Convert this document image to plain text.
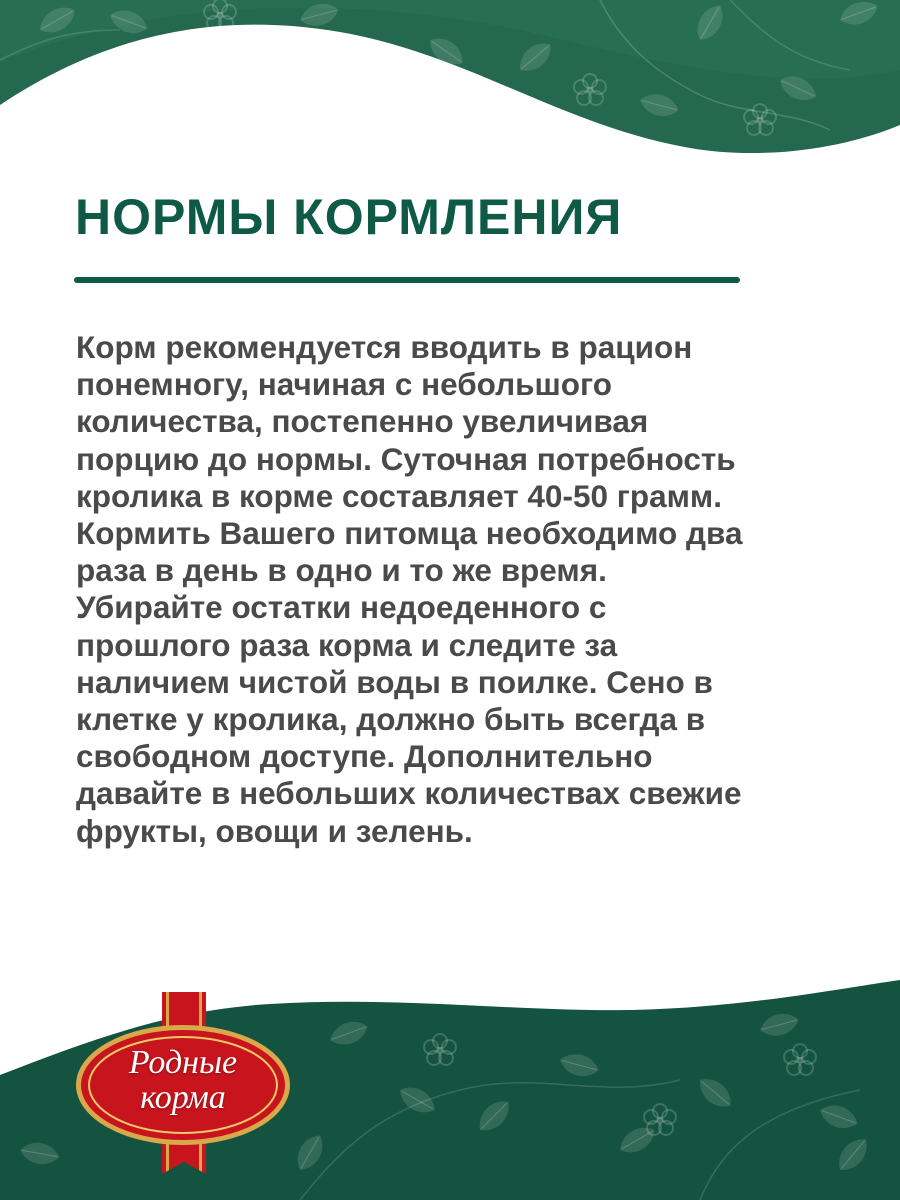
НОРМЫ КОРМЛЕНИЯ

Корм рекомендуется вводить в рацион понемногу, начиная с небольшого количества, постепенно увеличивая порцию до нормы. Суточная потребность кролика в корме составляет 40-50 грамм. Кормить Вашего питомца необходимо два раза в день в одно и то же время. Убирайте остатки недоеденного с прошлого раза корма и следите за наличием чистой воды в поилке. Сено в клетке у кролика, должно быть всегда в свободном доступе. Дополнительно давайте в небольших количествах свежие фрукты, овощи и зелень.

Родные
корма
